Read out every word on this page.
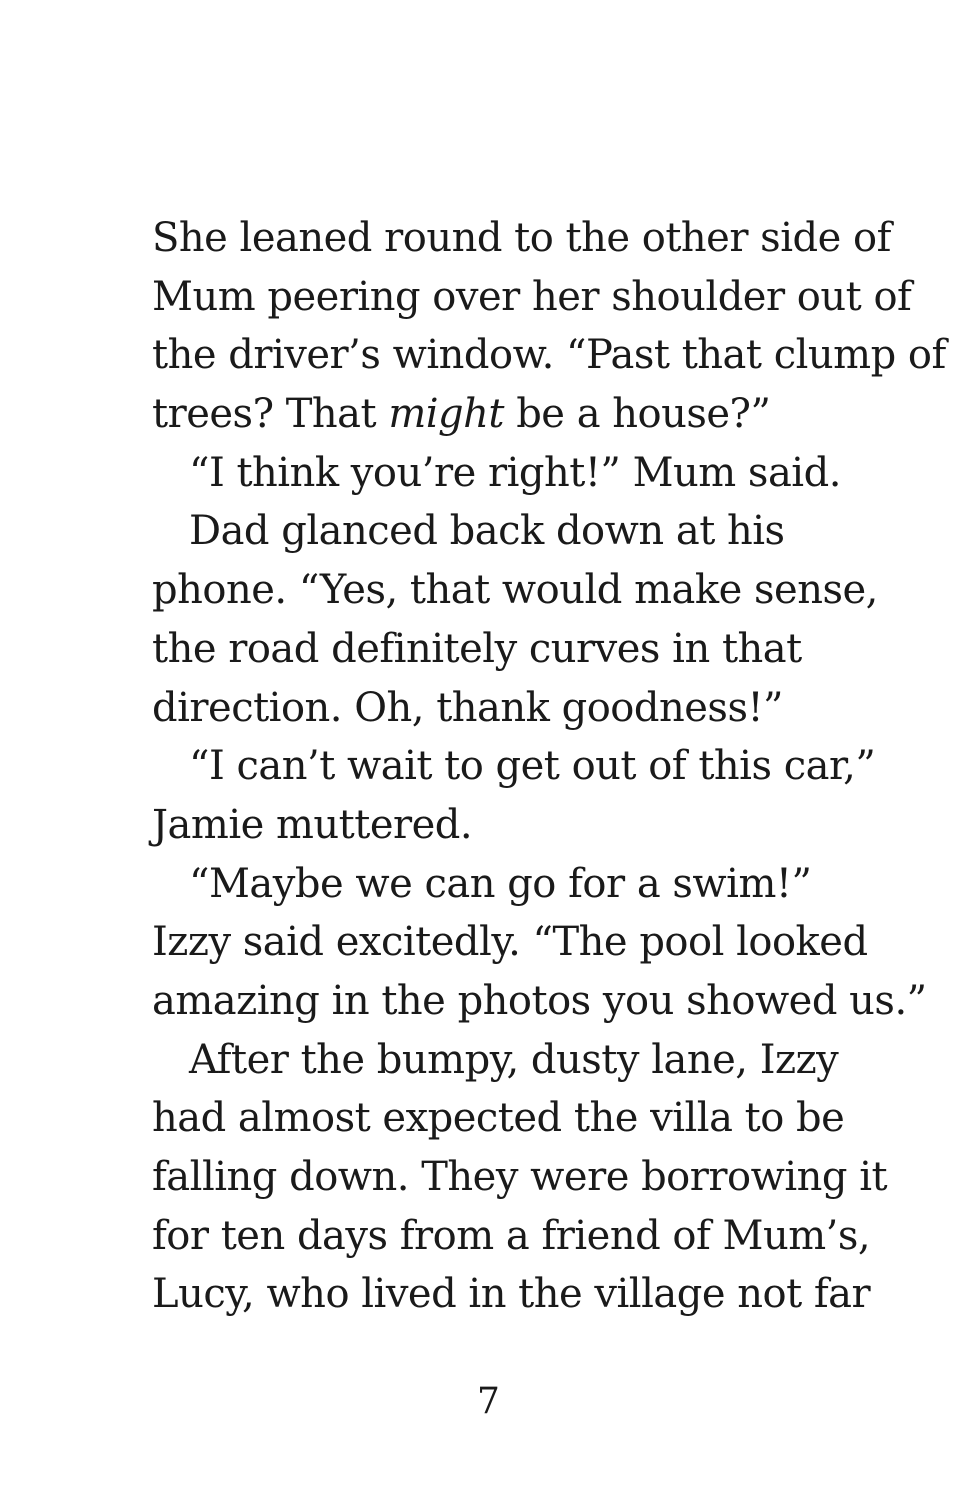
She leaned round to the other side of
Mum peering over her shoulder out of
the driver’s window. “Past that clump of
trees? That might be a house?”
“I think you’re right!” Mum said.
Dad glanced back down at his
phone. “Yes, that would make sense,
the road definitely curves in that
direction. Oh, thank goodness!”
“I can’t wait to get out of this car,”
Jamie muttered.
“Maybe we can go for a swim!”
Izzy said excitedly. “The pool looked
amazing in the photos you showed us.”
After the bumpy, dusty lane, Izzy
had almost expected the villa to be
falling down. They were borrowing it
for ten days from a friend of Mum’s,
Lucy, who lived in the village not far
7
